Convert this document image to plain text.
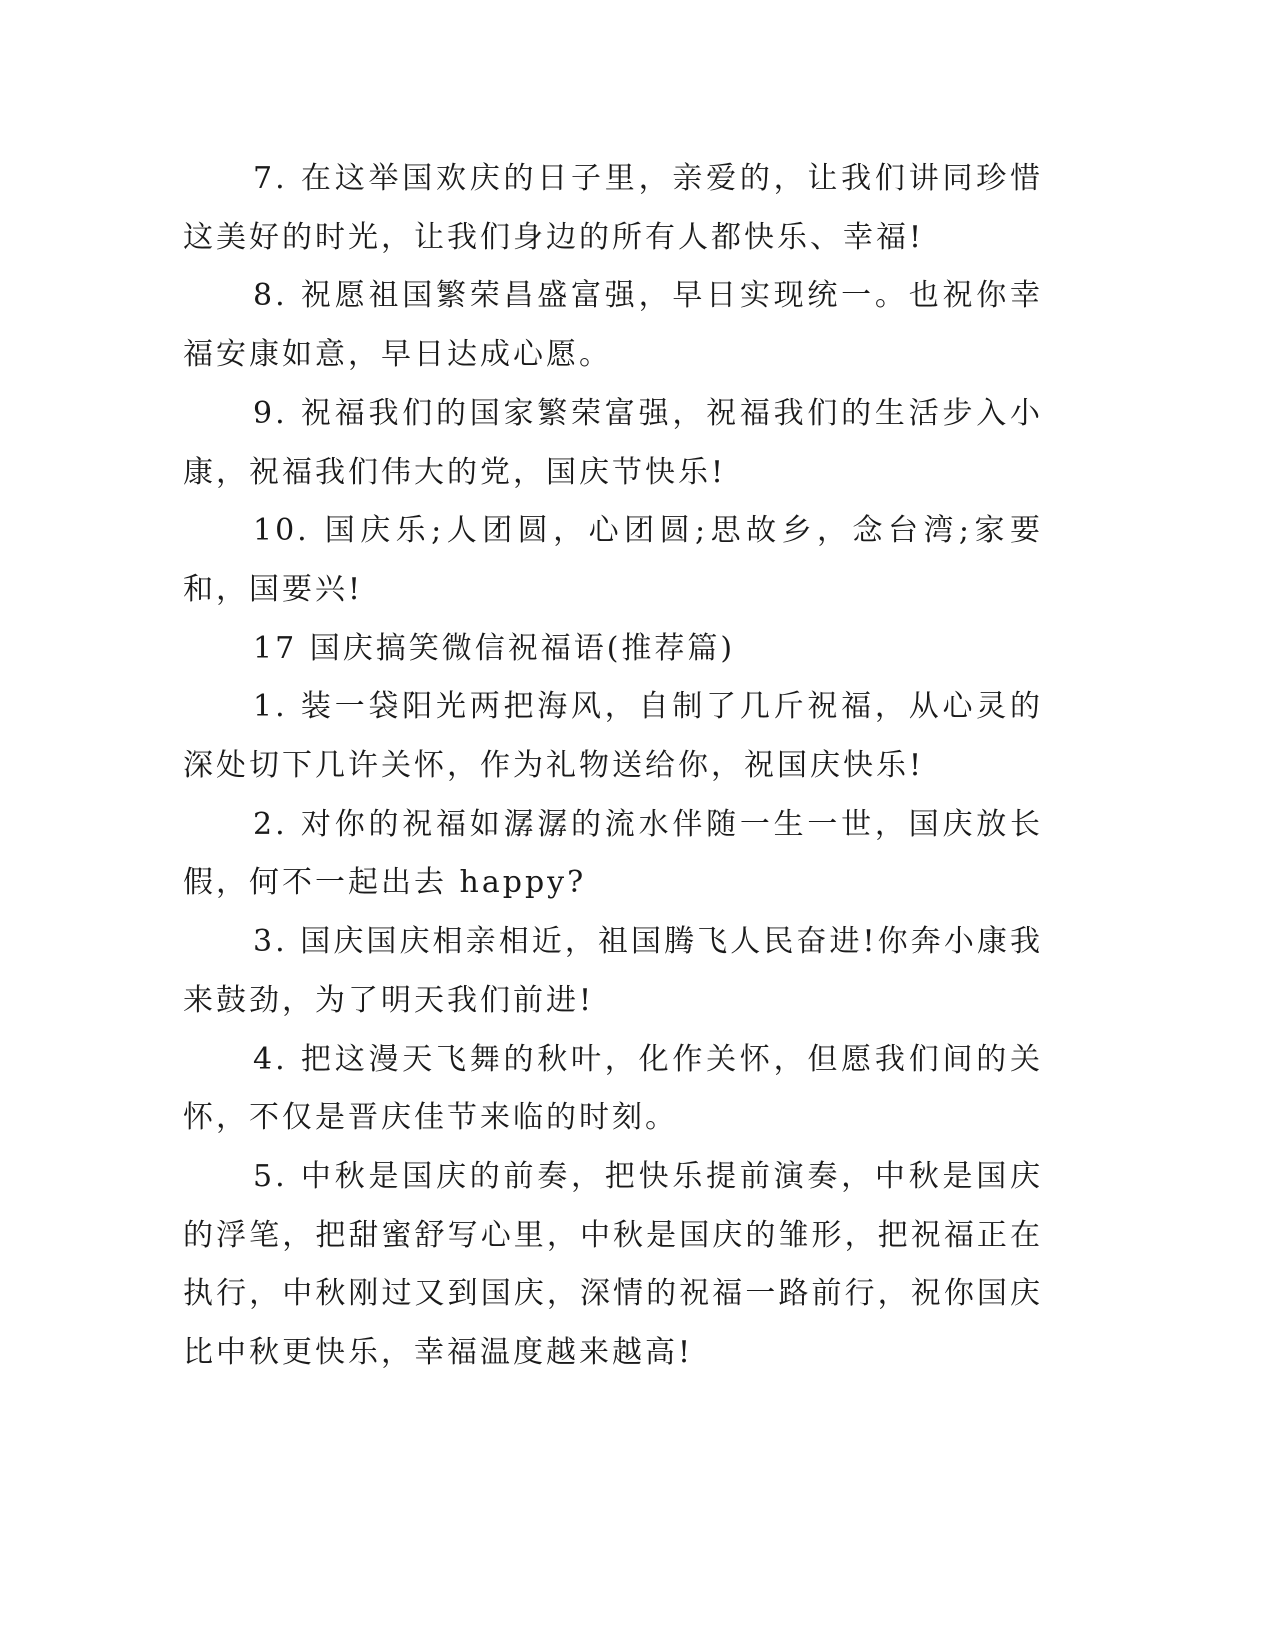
7. 在这举国欢庆的日子里，亲爱的，让我们讲同珍惜这美好的时光，让我们身边的所有人都快乐、幸福!

8. 祝愿祖国繁荣昌盛富强，早日实现统一。也祝你幸福安康如意，早日达成心愿。

9. 祝福我们的国家繁荣富强，祝福我们的生活步入小康，祝福我们伟大的党，国庆节快乐!

10. 国庆乐;人团圆，心团圆;思故乡，念台湾;家要和，国要兴!

17 国庆搞笑微信祝福语(推荐篇)

1. 装一袋阳光两把海风，自制了几斤祝福，从心灵的深处切下几许关怀，作为礼物送给你，祝国庆快乐!

2. 对你的祝福如潺潺的流水伴随一生一世，国庆放长假，何不一起出去 happy?

3. 国庆国庆相亲相近，祖国腾飞人民奋进!你奔小康我来鼓劲，为了明天我们前进!

4. 把这漫天飞舞的秋叶，化作关怀，但愿我们间的关怀，不仅是晋庆佳节来临的时刻。

5. 中秋是国庆的前奏，把快乐提前演奏，中秋是国庆的浮笔，把甜蜜舒写心里，中秋是国庆的雏形，把祝福正在执行，中秋刚过又到国庆，深情的祝福一路前行，祝你国庆比中秋更快乐，幸福温度越来越高!
